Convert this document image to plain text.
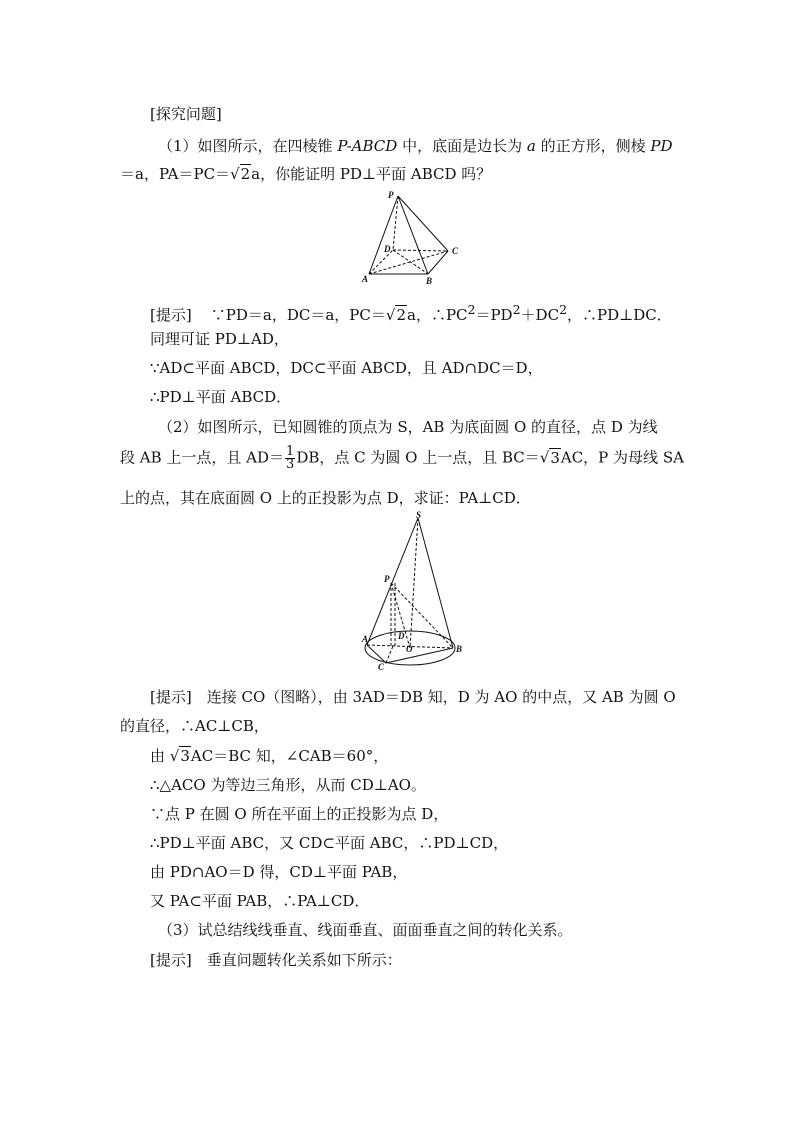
[探究问题]
（1）如图所示，在四棱锥 P-ABCD 中，底面是边长为 a 的正方形，侧棱 PD
＝a，PA＝PC＝√2a，你能证明 PD⊥平面 ABCD 吗？
P
D	C
A	B
[提示] ∵PD＝a，DC＝a，PC＝√2a，$\therefore PC^2=PD^2+DC^2$，∴PD⊥DC．
同理可证 PD⊥AD，
∵AD⊂平面 ABCD，DC⊂平面 ABCD，且 AD∩DC＝D，
∴PD⊥平面 ABCD．
（2）如图所示，已知圆锥的顶点为 S，AB 为底面圆 O 的直径，点 D 为线
段 AB 上一点，且 $AD= \frac{1}{3}$ DB，点 C 为圆 O 上一点，且 BC＝√3AC，P 为母线 SA
上的点，其在底面圆 O 上的正投影为点 D，求证：PA⊥CD．
S
P
A	D
O	B
C
[提示]　连接 CO（图略），由 3AD＝DB 知，D 为 AO 的中点，又 AB 为圆 O
的直径，∴AC⊥CB，
由 √3AC＝BC 知，∠CAB＝60°，
∴△ACO 为等边三角形，从而 CD⊥AO。
∵点 P 在圆 O 所在平面上的正投影为点 D，
∴PD⊥平面 ABC，又 CD⊂平面 ABC，∴PD⊥CD，
由 PD∩AO＝D 得，CD⊥平面 PAB，
又 PA⊂平面 PAB，∴PA⊥CD．
（3）试总结线线垂直、线面垂直、面面垂直之间的转化关系。
[提示]　垂直问题转化关系如下所示：
